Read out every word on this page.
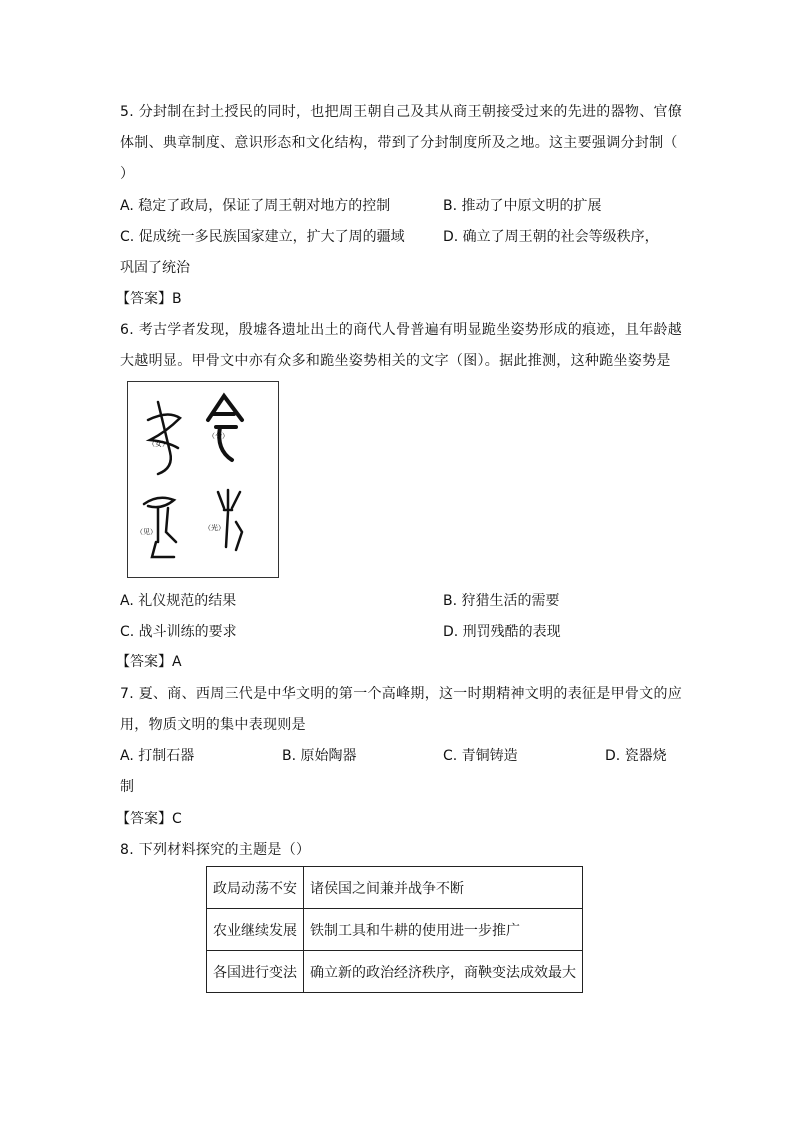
5. 分封制在封土授民的同时，也把周王朝自己及其从商王朝接受过来的先进的器物、官僚
体制、典章制度、意识形态和文化结构，带到了分封制度所及之地。这主要强调分封制（
）
A. 稳定了政局，保证了周王朝对地方的控制	B. 推动了中原文明的扩展
C. 促成统一多民族国家建立，扩大了周的疆域	D. 确立了周王朝的社会等级秩序，
巩固了统治
【答案】B
6. 考古学者发现，殷墟各遗址出土的商代人骨普遍有明显跪坐姿势形成的痕迹，且年龄越
大越明显。甲骨文中亦有众多和跪坐姿势相关的文字（图）。据此推测，这种跪坐姿势是
（女）
（令）
（见）	（光）
A. 礼仪规范的结果	B. 狩猎生活的需要
C. 战斗训练的要求	D. 刑罚残酷的表现
【答案】A
7. 夏、商、西周三代是中华文明的第一个高峰期，这一时期精神文明的表征是甲骨文的应
用，物质文明的集中表现则是
A. 打制石器	B. 原始陶器	C. 青铜铸造	D. 瓷器烧
制
【答案】C
8. 下列材料探究的主题是（）
政局动荡不安	诸侯国之间兼并战争不断
农业继续发展	铁制工具和牛耕的使用进一步推广
各国进行变法	确立新的政治经济秩序，商鞅变法成效最大
